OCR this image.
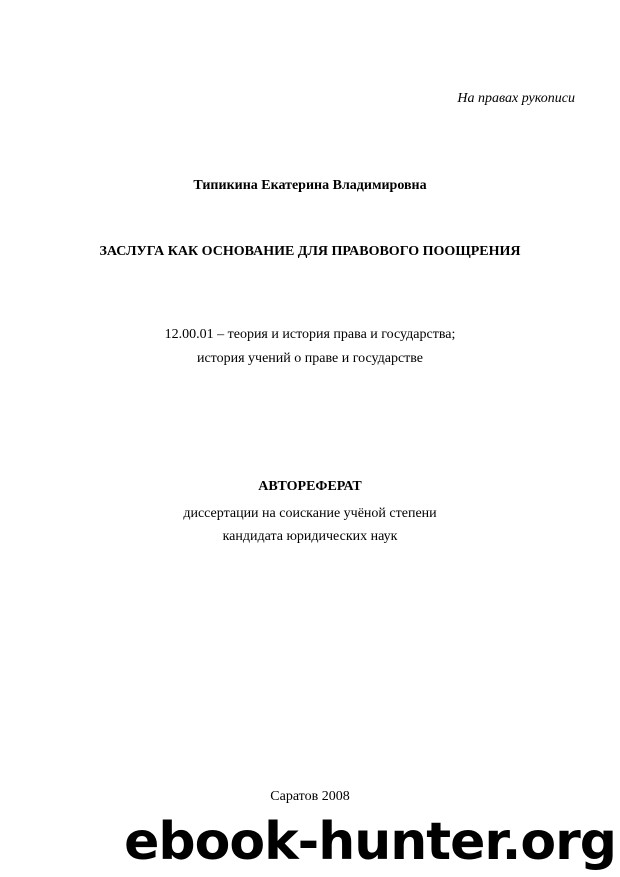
На правах рукописи
Типикина Екатерина Владимировна
ЗАСЛУГА КАК ОСНОВАНИЕ ДЛЯ ПРАВОВОГО ПООЩРЕНИЯ
12.00.01 – теория и история права и государства;
история учений о праве и государстве
АВТОРЕФЕРАТ
диссертации на соискание учёной степени
кандидата юридических наук
Саратов 2008
ebook-hunter.org
